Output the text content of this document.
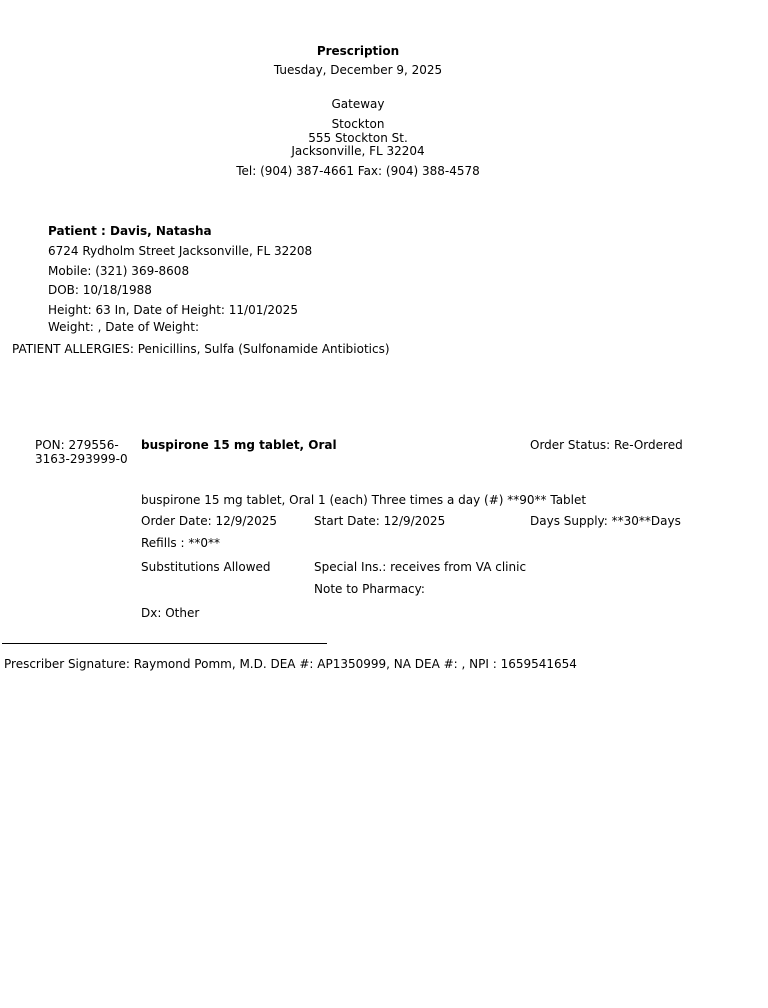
Prescription
Tuesday, December 9, 2025
Gateway
Stockton
555 Stockton St.
Jacksonville, FL 32204
Tel: (904) 387-4661 Fax: (904) 388-4578
Patient : Davis, Natasha
6724 Rydholm Street Jacksonville, FL 32208
Mobile: (321) 369-8608
DOB: 10/18/1988
Height: 63 In, Date of Height: 11/01/2025
Weight: , Date of Weight:
PATIENT ALLERGIES: Penicillins, Sulfa (Sulfonamide Antibiotics)
PON: 279556-3163-293999-0
buspirone 15 mg tablet, Oral	Order Status: Re-Ordered
buspirone 15 mg tablet, Oral 1 (each) Three times a day (#) **90** Tablet
Order Date: 12/9/2025	Start Date: 12/9/2025	Days Supply: **30**Days
Refills : **0**
Substitutions Allowed	Special Ins.: receives from VA clinic
Note to Pharmacy:
Dx: Other
Prescriber Signature: Raymond Pomm, M.D. DEA #: AP1350999, NA DEA #: , NPI : 1659541654
